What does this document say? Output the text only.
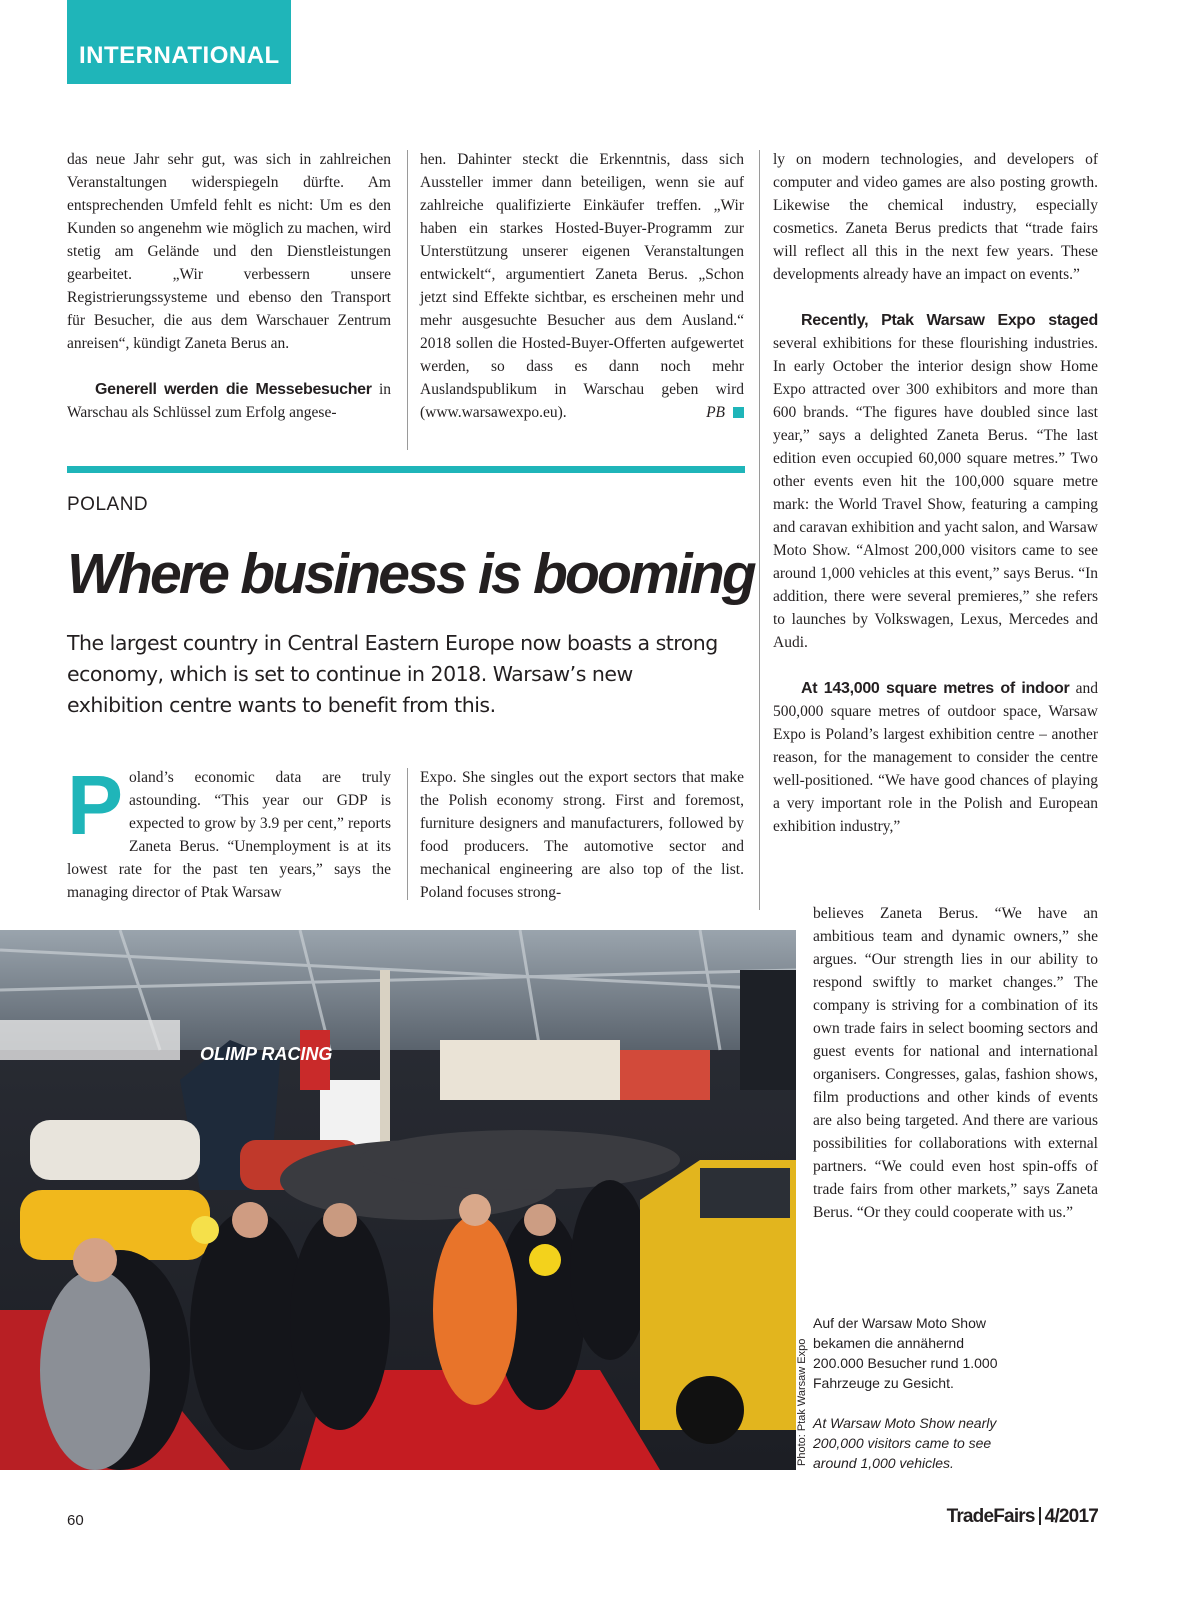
INTERNATIONAL

das neue Jahr sehr gut, was sich in zahlreichen Veranstaltungen widerspiegeln dürfte. Am entsprechenden Umfeld fehlt es nicht: Um es den Kunden so angenehm wie möglich zu machen, wird stetig am Gelände und den Dienstleistungen gearbeitet. „Wir verbessern unsere Registrierungssysteme und ebenso den Transport für Besucher, die aus dem Warschauer Zentrum anreisen“, kündigt Zaneta Berus an.

Generell werden die Messebesucher in Warschau als Schlüssel zum Erfolg angese-

hen. Dahinter steckt die Erkenntnis, dass sich Aussteller immer dann beteiligen, wenn sie auf zahlreiche qualifizierte Einkäufer treffen. „Wir haben ein starkes Hosted-Buyer-Programm zur Unterstützung unserer eigenen Veranstaltungen entwickelt“, argumentiert Zaneta Berus. „Schon jetzt sind Effekte sichtbar, es erscheinen mehr und mehr ausgesuchte Besucher aus dem Ausland.“ 2018 sollen die Hosted-Buyer-Offerten aufgewertet werden, so dass es dann noch mehr Auslandspublikum in Warschau geben wird (www.warsawexpo.eu).	PB

POLAND
Where business is booming
The largest country in Central Eastern Europe now boasts a strong economy, which is set to continue in 2018. Warsaw’s new exhibition centre wants to benefit from this.

Poland’s economic data are truly astounding. “This year our GDP is expected to grow by 3.9 per cent,” reports Zaneta Berus. “Unemployment is at its lowest rate for the past ten years,” says the managing director of Ptak Warsaw

Expo. She singles out the export sectors that make the Polish economy strong. First and foremost, furniture designers and manufacturers, followed by food producers. The automotive sector and mechanical engineering are also top of the list. Poland focuses strong-

ly on modern technologies, and developers of computer and video games are also posting growth. Likewise the chemical industry, especially cosmetics. Zaneta Berus predicts that “trade fairs will reflect all this in the next few years. These developments already have an impact on events.”

Recently, Ptak Warsaw Expo staged several exhibitions for these flourishing industries. In early October the interior design show Home Expo attracted over 300 exhibitors and more than 600 brands. “The figures have doubled since last year,” says a delighted Zaneta Berus. “The last edition even occupied 60,000 square metres.” Two other events even hit the 100,000 square metre mark: the World Travel Show, featuring a camping and caravan exhibition and yacht salon, and Warsaw Moto Show. “Almost 200,000 visitors came to see around 1,000 vehicles at this event,” says Berus. “In addition, there were several premieres,” she refers to launches by Volkswagen, Lexus, Mercedes and Audi.

At 143,000 square metres of indoor and 500,000 square metres of outdoor space, Warsaw Expo is Poland’s largest exhibition centre – another reason, for the management to consider the centre well-positioned. “We have good chances of playing a very important role in the Polish and European exhibition industry,”

believes Zaneta Berus. “We have an ambitious team and dynamic owners,” she argues. “Our strength lies in our ability to respond swiftly to market changes.” The company is striving for a combination of its own trade fairs in select booming sectors and guest events for national and international organisers. Congresses, galas, fashion shows, film productions and other kinds of events are also being targeted. And there are various possibilities for collaborations with external partners. “We could even host spin-offs of trade fairs from other markets,” says Zaneta Berus. “Or they could cooperate with us.”

OLIMP RACING
Photo: Ptak Warsaw Expo
Auf der Warsaw Moto Show bekamen die annähernd 200.000 Besucher rund 1.000 Fahrzeuge zu Gesicht.
At Warsaw Moto Show nearly 200,000 visitors came to see around 1,000 vehicles.
60	TradeFairs 4/2017
